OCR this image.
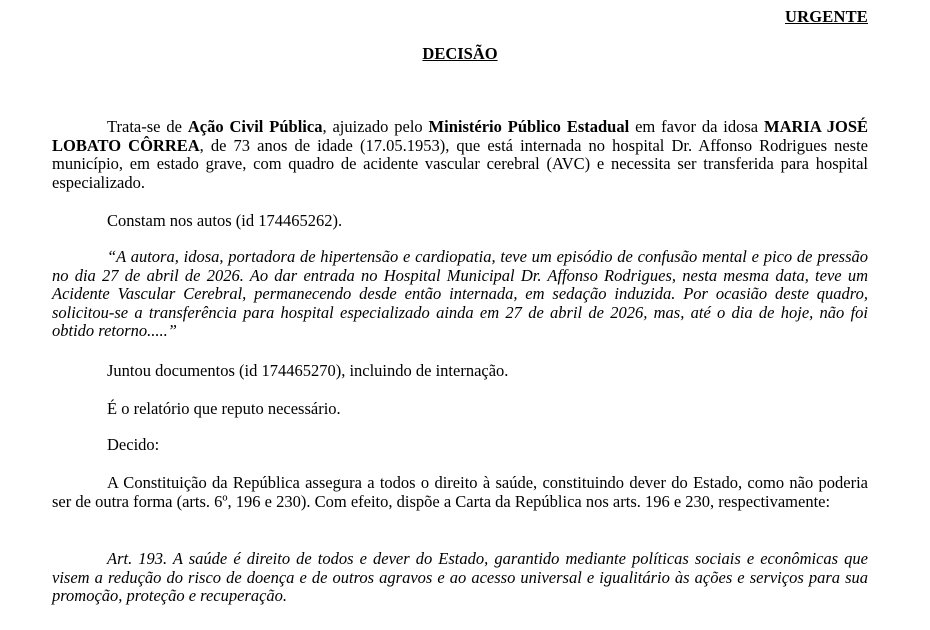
URGENTE
DECISÃO

Trata-se de Ação Civil Pública, ajuizado pelo Ministério Público Estadual em favor da idosa MARIA JOSÉ LOBATO CÔRREA, de 73 anos de idade (17.05.1953), que está internada no hospital Dr. Affonso Rodrigues neste município, em estado grave, com quadro de acidente vascular cerebral (AVC) e necessita ser transferida para hospital especializado.

Constam nos autos (id 174465262).

“A autora, idosa, portadora de hipertensão e cardiopatia, teve um episódio de confusão mental e pico de pressão no dia 27 de abril de 2026. Ao dar entrada no Hospital Municipal Dr. Affonso Rodrigues, nesta mesma data, teve um Acidente Vascular Cerebral, permanecendo desde então internada, em sedação induzida. Por ocasião deste quadro, solicitou-se a transferência para hospital especializado ainda em 27 de abril de 2026, mas, até o dia de hoje, não foi obtido retorno.....”

Juntou documentos (id 174465270), incluindo de internação.

É o relatório que reputo necessário.

Decido:

A Constituição da República assegura a todos o direito à saúde, constituindo dever do Estado, como não poderia ser de outra forma (arts. 6º, 196 e 230). Com efeito, dispõe a Carta da República nos arts. 196 e 230, respectivamente:

Art. 193. A saúde é direito de todos e dever do Estado, garantido mediante políticas sociais e econômicas que visem a redução do risco de doença e de outros agravos e ao acesso universal e igualitário às ações e serviços para sua promoção, proteção e recuperação.
